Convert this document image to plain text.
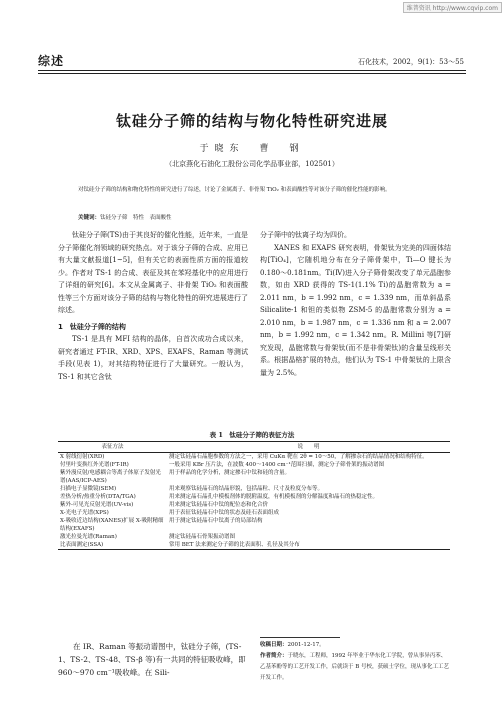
维普资讯 http://www.cqvip.com
综述	石化技术，2002，9(1)：53～55
钛硅分子筛的结构与物化特性研究进展
于晓东　曹　钢
（北京燕化石油化工股份公司化学品事业部，102501）
对钛硅分子筛的结构和物化特性的研究进行了综述，讨论了金属离子、非骨架 TiO₂ 和表面酸性等对该分子筛的催化性能的影响。
关键词：钛硅分子筛　特性　表面酸性
钛硅分子筛(TS)由于其良好的催化性能，近年来，一直是分子筛催化剂领域的研究热点。对于该分子筛的合成、应用已有大量文献报道[1~5]，但有关它的表面性质方面的报道较少。作者对 TS-1 的合成、表征及其在苯羟基化中的应用进行了详细的研究[6]。本文从金属离子、非骨架 TiO₂ 和表面酸性等三个方面对该分子筛的结构与物化特性的研究进展进行了综述。
1　钛硅分子筛的结构
TS-1 是具有 MFI 结构的晶体，自首次成功合成以来，研究者通过 FT-IR、XRD、XPS、EXAFS、Raman 等测试手段(见表 1)，对其结构特征进行了大量研究。一般认为，TS-1 和其它含钛
分子筛中的钛离子均为四价。
XANES 和 EXAFS 研究表明，骨架钛为完美的四面体结构[TiO₄]，它随机地分布在分子筛骨架中，Ti—O 键长为 0.180～0.181nm。Ti(Ⅳ)进入分子筛骨架改变了单元晶胞参数，如由 XRD 获得的 TS-1(1.1% Ti)的晶胞常数为 a = 2.011 nm，b = 1.992 nm，c = 1.339 nm，而单斜晶系 Silicalite-1 和钽的类似物 ZSM-5 的晶胞常数分别为 a = 2.010 nm，b = 1.987 nm，c = 1.336 nm 和 a = 2.007 nm，b = 1.992 nm，c = 1.342 nm。R. Millini 等[7]研究发现，晶胞常数与骨架钛(而不是非骨架钛)的含量呈线形关系。根据晶格扩展的特点，他们认为 TS-1 中骨架钛的上限含量为 2.5%。
表 1　钛硅分子筛的表征方法
表征方法	说　　明
X 射线衍射(XRD)	测定钛硅晶石晶胞参数的方法之一，采用 CuKα 靶在 2θ = 10～50，了解掺杂石的结晶情况和结构特征。
付里叶变换红外光谱(FT-IR)	一般采用 KBr 压片法，在波数 400～1400 cm⁻¹范围扫描，测定分子筛骨架的振动谱图
紫外漫反射/电感耦合等离子体原子发射光谱(AAS/ICP-AES)	用于样品的化学分析，测定掺石中钛和硅的含量。
扫描电子显微镜(SEM)	用来观察钛硅晶石的结晶形貌，包括晶粒、尺寸及粒度分布等。
差热分析/热重分析(DTA/TGA)	用来测定晶石晶孔中模板剂体的脱附温度，有机模板剂的分解温度和晶石的热稳定性。
紫外-可见光反射光谱(UV-vis)	用来测定钛硅晶石中钛的配位态和化合价
X-光电子光谱(XPS)	用于表征钛硅晶石中钛的状态及硅石表面组成
X-吸收近边结构(XANES)扩展 X-吸附精细结构(EXAFS)	用于测定钛硅晶石中钛离子的局部结构
激光拉曼光谱(Raman)	测定钛硅晶石骨架振动谱图
比表面测定(SSA)	常用 BET 法来测定分子筛的比表面积、孔径及其分布
在 IR、Raman 等振动谱图中，钛硅分子筛，(TS-1、TS-2、TS-48、TS-β 等)有一共同的特征吸收峰，即 960～970 cm⁻¹吸收峰。在 Sili-
收稿日期：2001-12-17。
作者简介：于晓东，工程师，1992 年毕业于华东化工学院，曾从事异丙苯、乙基苯酚等的工艺开发工作，后就读于 B 号校，获硕士学位，现从事化工工艺开发工作。
